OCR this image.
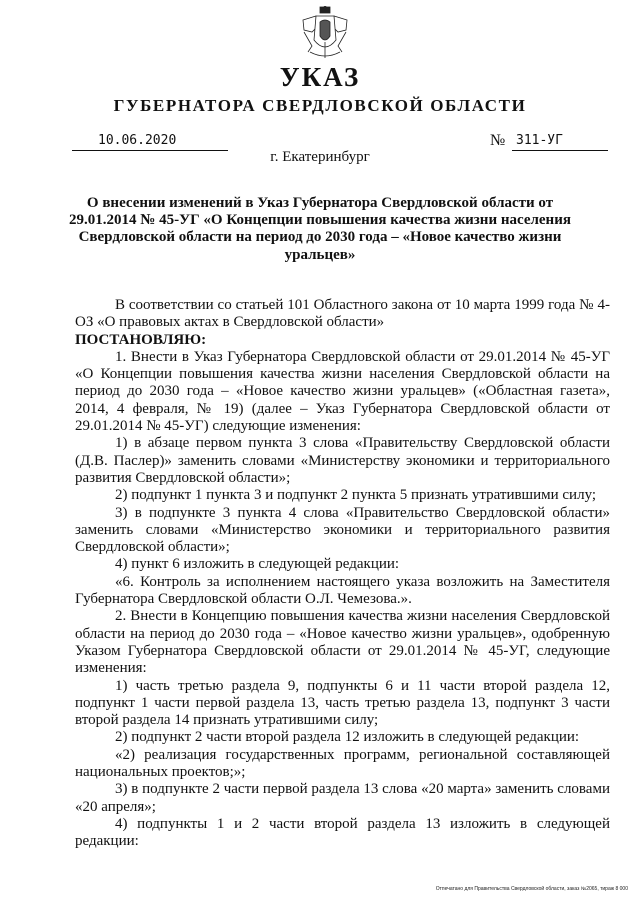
УКАЗ
ГУБЕРНАТОРА СВЕРДЛОВСКОЙ ОБЛАСТИ
10.06.2020	№ 311-УГ
г. Екатеринбург
О внесении изменений в Указ Губернатора Свердловской области от 29.01.2014 № 45-УГ «О Концепции повышения качества жизни населения Свердловской области на период до 2030 года – «Новое качество жизни уральцев»

В соответствии со статьей 101 Областного закона от 10 марта 1999 года № 4-ОЗ «О правовых актах в Свердловской области»

ПОСТАНОВЛЯЮ:

1. Внести в Указ Губернатора Свердловской области от 29.01.2014 № 45-УГ «О Концепции повышения качества жизни населения Свердловской области на период до 2030 года – «Новое качество жизни уральцев» («Областная газета», 2014, 4 февраля, № 19) (далее – Указ Губернатора Свердловской области от 29.01.2014 № 45-УГ) следующие изменения:

1) в абзаце первом пункта 3 слова «Правительству Свердловской области (Д.В. Паслер)» заменить словами «Министерству экономики и территориального развития Свердловской области»;

2) подпункт 1 пункта 3 и подпункт 2 пункта 5 признать утратившими силу;

3) в подпункте 3 пункта 4 слова «Правительство Свердловской области» заменить словами «Министерство экономики и территориального развития Свердловской области»;

4) пункт 6 изложить в следующей редакции:

«6. Контроль за исполнением настоящего указа возложить на Заместителя Губернатора Свердловской области О.Л. Чемезова.».

2. Внести в Концепцию повышения качества жизни населения Свердловской области на период до 2030 года – «Новое качество жизни уральцев», одобренную Указом Губернатора Свердловской области от 29.01.2014 № 45-УГ, следующие изменения:

1) часть третью раздела 9, подпункты 6 и 11 части второй раздела 12, подпункт 1 части первой раздела 13, часть третью раздела 13, подпункт 3 части второй раздела 14 признать утратившими силу;

2) подпункт 2 части второй раздела 12 изложить в следующей редакции:

«2) реализация государственных программ, региональной составляющей национальных проектов;»;

3) в подпункте 2 части первой раздела 13 слова «20 марта» заменить словами «20 апреля»;

4) подпункты 1 и 2 части второй раздела 13 изложить в следующей редакции:

Отпечатано для Правительства Свердловской области, заказ №2065, тираж 8 000
